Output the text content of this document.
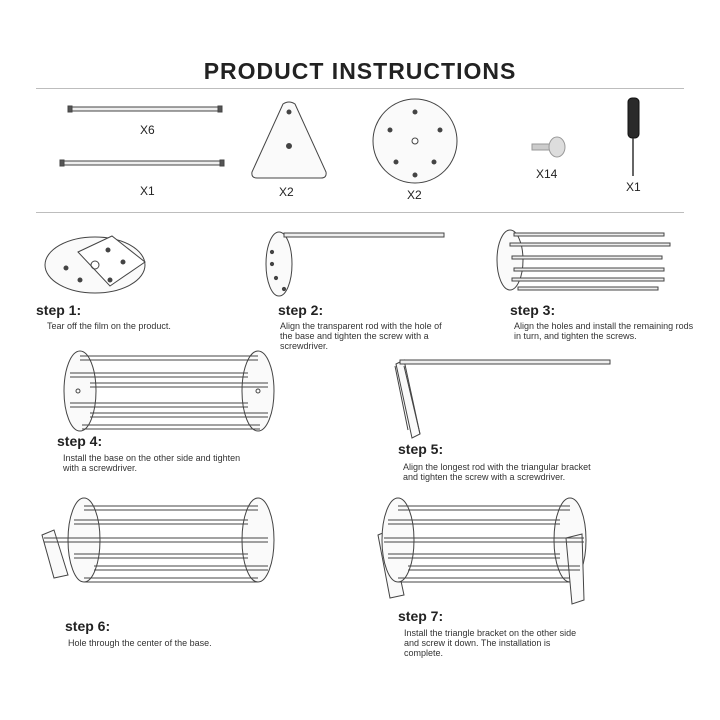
PRODUCT INSTRUCTIONS
X6
X1	X2	X2
X14
X1
step 1:
Tear off the film on the product.
step 2:
Align the transparent rod with the hole of the base and tighten the screw with a screwdriver.
step 3:
Align the holes and install the remaining rods in turn, and tighten the screws.
step 4:
Install the base on the other side and tighten with a screwdriver.
step 5:
Align the longest rod with the triangular bracket and tighten the screw with a screwdriver.
step 6:
Hole through the center of the base.
step 7:
Install the triangle bracket on the other side and screw it down. The installation is complete.
